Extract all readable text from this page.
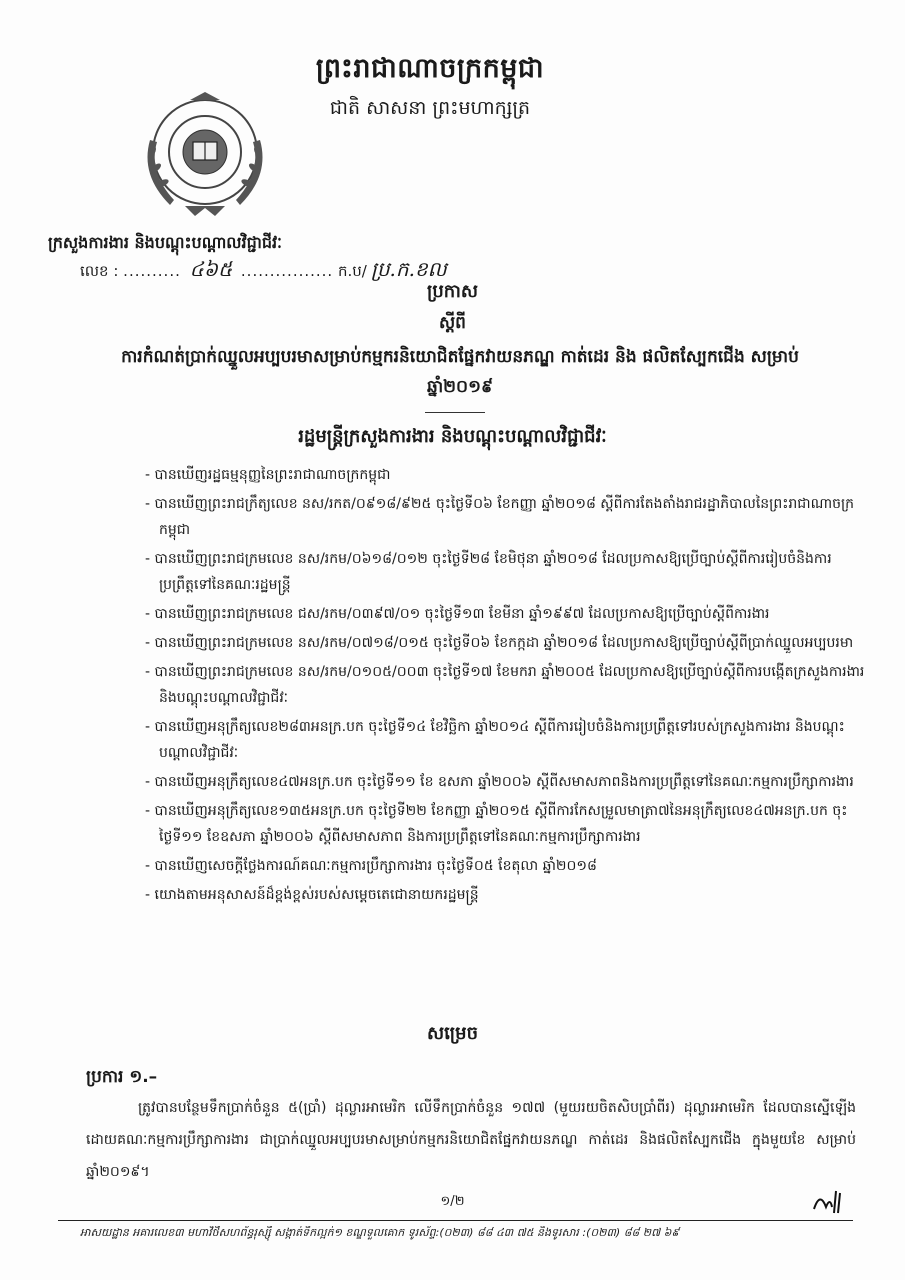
ព្រះរាជាណាចក្រកម្ពុជា
ជាតិ សាសនា ព្រះមហាក្សត្រ
ក្រសួងការងារ និងបណ្តុះបណ្តាលវិជ្ជាជីវៈ
លេខ : .......... ៤៦៥ ................ ក.ប/ ប្រ.ក.ខល
ប្រកាស
ស្តីពី
ការកំណត់ប្រាក់ឈ្នួលអប្បបរមាសម្រាប់កម្មករនិយោជិតផ្នែកវាយនភណ្ឌ កាត់ដេរ និង ផលិតស្បែកជើង សម្រាប់ឆ្នាំ២០១៩
រដ្ឋមន្ត្រីក្រសួងការងារ និងបណ្តុះបណ្តាលវិជ្ជាជីវៈ
- បានឃើញរដ្ឋធម្មនុញ្ញនៃព្រះរាជាណាចក្រកម្ពុជា
- បានឃើញព្រះរាជក្រឹត្យលេខ នស/រកត/០៩១៨/៩២៥ ចុះថ្ងៃទី០៦ ខែកញ្ញា ឆ្នាំ២០១៨ ស្តីពីការតែងតាំងរាជរដ្ឋាភិបាលនៃព្រះរាជាណាចក្រកម្ពុជា
- បានឃើញព្រះរាជក្រមលេខ នស/រកម/០៦១៨/០១២ ចុះថ្ងៃទី២៨ ខែមិថុនា ឆ្នាំ២០១៨ ដែលប្រកាសឱ្យប្រើច្បាប់ស្តីពីការរៀបចំនិងការប្រព្រឹត្តទៅនៃគណៈរដ្ឋមន្ត្រី
- បានឃើញព្រះរាជក្រមលេខ ជស/រកម/០៣៩៧/០១ ចុះថ្ងៃទី១៣ ខែមីនា ឆ្នាំ១៩៩៧ ដែលប្រកាសឱ្យប្រើច្បាប់ស្តីពីការងារ
- បានឃើញព្រះរាជក្រមលេខ នស/រកម/០៧១៨/០១៥ ចុះថ្ងៃទី០៦ ខែកក្កដា ឆ្នាំ២០១៨ ដែលប្រកាសឱ្យប្រើច្បាប់ស្តីពីប្រាក់ឈ្នួលអប្បបរមា
- បានឃើញព្រះរាជក្រមលេខ នស/រកម/០១០៥/០០៣ ចុះថ្ងៃទី១៧ ខែមករា ឆ្នាំ២០០៥ ដែលប្រកាសឱ្យប្រើច្បាប់ស្តីពីការបង្កើតក្រសួងការងារ និងបណ្តុះបណ្តាលវិជ្ជាជីវៈ
- បានឃើញអនុក្រឹត្យលេខ២៨៣អនក្រ.បក ចុះថ្ងៃទី១៤ ខែវិច្ឆិកា ឆ្នាំ២០១៤ ស្តីពីការរៀបចំនិងការប្រព្រឹត្តទៅរបស់ក្រសួងការងារ និងបណ្តុះបណ្តាលវិជ្ជាជីវៈ
- បានឃើញអនុក្រឹត្យលេខ៤៧អនក្រ.បក ចុះថ្ងៃទី១១ ខែ ឧសភា ឆ្នាំ២០០៦ ស្តីពីសមាសភាពនិងការប្រព្រឹត្តទៅនៃគណៈកម្មការប្រឹក្សាការងារ
- បានឃើញអនុក្រឹត្យលេខ១៣៥អនក្រ.បក ចុះថ្ងៃទី២២ ខែកញ្ញា ឆ្នាំ២០១៥ ស្តីពីការកែសម្រួលមាត្រា៧នៃអនុក្រឹត្យលេខ៤៧អនក្រ.បក ចុះថ្ងៃទី១១ ខែឧសភា ឆ្នាំ២០០៦ ស្តីពីសមាសភាព និងការប្រព្រឹត្តទៅនៃគណៈកម្មការប្រឹក្សាការងារ
- បានឃើញសេចក្តីថ្លែងការណ៍គណៈកម្មការប្រឹក្សាការងារ ចុះថ្ងៃទី០៥ ខែតុលា ឆ្នាំ២០១៨
- យោងតាមអនុសាសន៍ដ៏ខ្ពង់ខ្ពស់របស់សម្តេចតេជោនាយករដ្ឋមន្ត្រី
សម្រេច
ប្រការ ១.–
ត្រូវបានបន្ថែមទឹកប្រាក់ចំនួន ៥(ប្រាំ) ដុល្លារអាមេរិក លើទឹកប្រាក់ចំនួន ១៧៧ (មួយរយចិតសិបប្រាំពីរ) ដុល្លារអាមេរិក ដែលបានស្នើឡើងដោយគណៈកម្មការប្រឹក្សាការងារ ជាប្រាក់ឈ្នួលអប្បបរមាសម្រាប់កម្មករនិយោជិតផ្នែកវាយនភណ្ឌ កាត់ដេរ និងផលិតស្បែកជើង ក្នុងមួយខែ សម្រាប់ឆ្នាំ២០១៩។
១/២
អាសយដ្ឋាន អគារលេខ៣ មហាវិថីសហព័ន្ធរុស្ស៊ី សង្កាត់ទឹកល្អក់១ ខណ្ឌទួលគោក ទូរស័ព្ទ:(០២៣) ៨៨ ៤៣ ៧៥ និងទូរសារ :(០២៣) ៨៨ ២៧ ៦៩
